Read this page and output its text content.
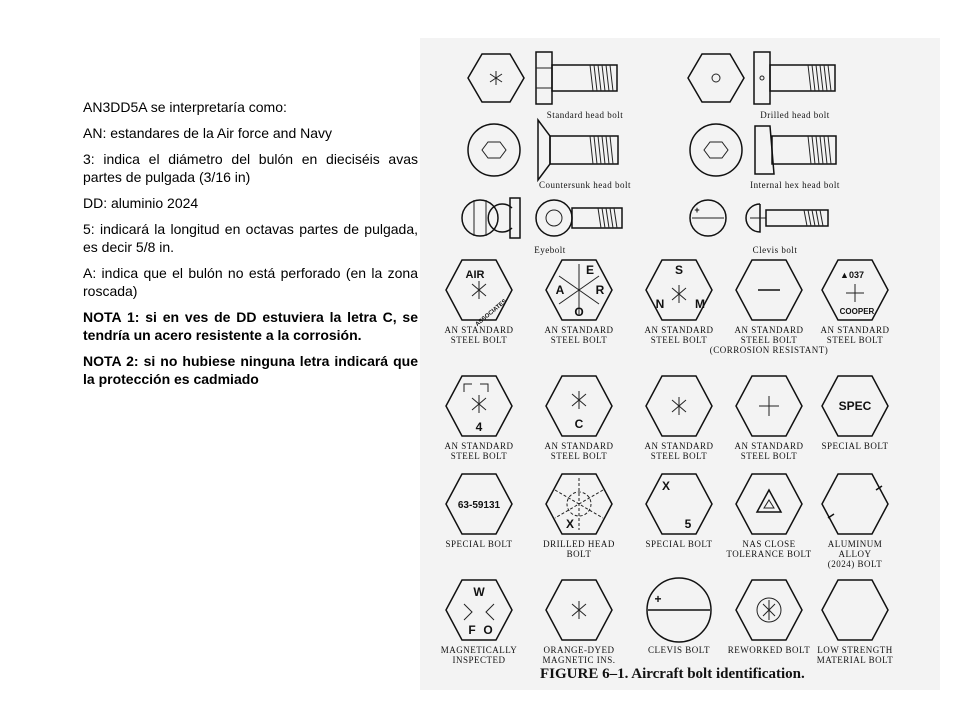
AN3DD5A se interpretaría como:

AN: estandares de la Air force and Navy

3: indica el diámetro del bulón en dieciséis avas partes de pulgada (3/16 in)

DD: aluminio 2024

5: indicará la longitud en octavas partes de pulgada, es decir 5/8 in.

A: indica que el bulón no está perforado (en la zona roscada)

NOTA 1: si en ves de DD estuviera la letra C, se tendría un acero resistente a la corrosión.

NOTA 2: si no hubiese ninguna letra indicará que la protección es cadmiado

Standard head bolt	Drilled head bolt
Countersunk head bolt	Internal hex head bolt
Eyebolt
+
Clevis bolt
AIR
ASSOCIATES
E
A	R
O
S
N	M
▲037
COOPER
4	C
SPEC
63-59131
X
X
5
W
F O
+
AN STANDARD STEEL BOLT
AN STANDARD STEEL BOLT
AN STANDARD STEEL BOLT
AN STANDARD STEEL BOLT (CORROSION RESISTANT)
AN STANDARD STEEL BOLT
AN STANDARD STEEL BOLT
AN STANDARD STEEL BOLT
AN STANDARD STEEL BOLT
AN STANDARD STEEL BOLT
SPECIAL BOLT
SPECIAL BOLT	DRILLED HEAD BOLT
SPECIAL BOLT	NAS CLOSE TOLERANCE BOLT
ALUMINUM ALLOY (2024) BOLT
MAGNETICALLY INSPECTED
ORANGE-DYED MAGNETIC INS.
CLEVIS BOLT REWORKED BOLT LOW STRENGTH MATERIAL BOLT
FIGURE 6–1. Aircraft bolt identification.
